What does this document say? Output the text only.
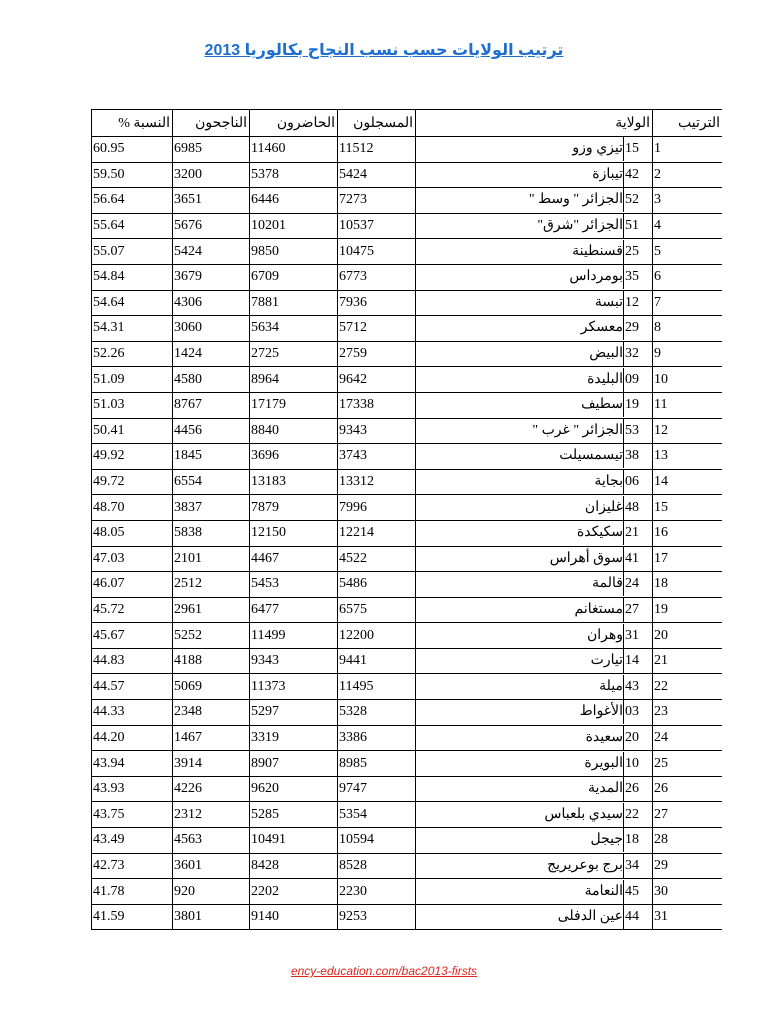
ترتيب الولايات حسب نسب النجاح بكالوريا 2013
النسبة %	الناجحون	الحاضرون	المسجلون	الولاية	الترتيب
60.95	6985	11460	11512	تيزي وزو 15	1
59.50	3200	5378	5424	تيبازة 42	2
56.64	3651	6446	7273	الجزائر " وسط " 52	3
55.64	5676	10201	10537	الجزائر "شرق" 51	4
55.07	5424	9850	10475	قسنطينة 25	5
54.84	3679	6709	6773	بومرداس 35	6
54.64	4306	7881	7936	تبسة 12	7
54.31	3060	5634	5712	معسكر 29	8
52.26	1424	2725	2759	البيض 32	9
51.09	4580	8964	9642	البليدة 09	10
51.03	8767	17179	17338	سطيف 19	11
50.41	4456	8840	9343	الجزائر " غرب " 53	12
49.92	1845	3696	3743	تيسمسيلت 38	13
49.72	6554	13183	13312	بجاية 06	14
48.70	3837	7879	7996	غليزان 48	15
48.05	5838	12150	12214	سكيكدة 21	16
47.03	2101	4467	4522	سوق أهراس 41	17
46.07	2512	5453	5486	قالمة 24	18
45.72	2961	6477	6575	مستغانم 27	19
45.67	5252	11499	12200	وهران 31	20
44.83	4188	9343	9441	تيارت 14	21
44.57	5069	11373	11495	ميلة 43	22
44.33	2348	5297	5328	الأغواط 03	23
44.20	1467	3319	3386	سعيدة 20	24
43.94	3914	8907	8985	البويرة 10	25
43.93	4226	9620	9747	المدية 26	26
43.75	2312	5285	5354	سيدي بلعباس 22	27
43.49	4563	10491	10594	جيجل 18	28
42.73	3601	8428	8528	برج بوعريريج 34	29
41.78	920	2202	2230	النعامة 45	30
41.59	3801	9140	9253	عين الدفلى 44	31
ency-education.com/bac2013-firsts
